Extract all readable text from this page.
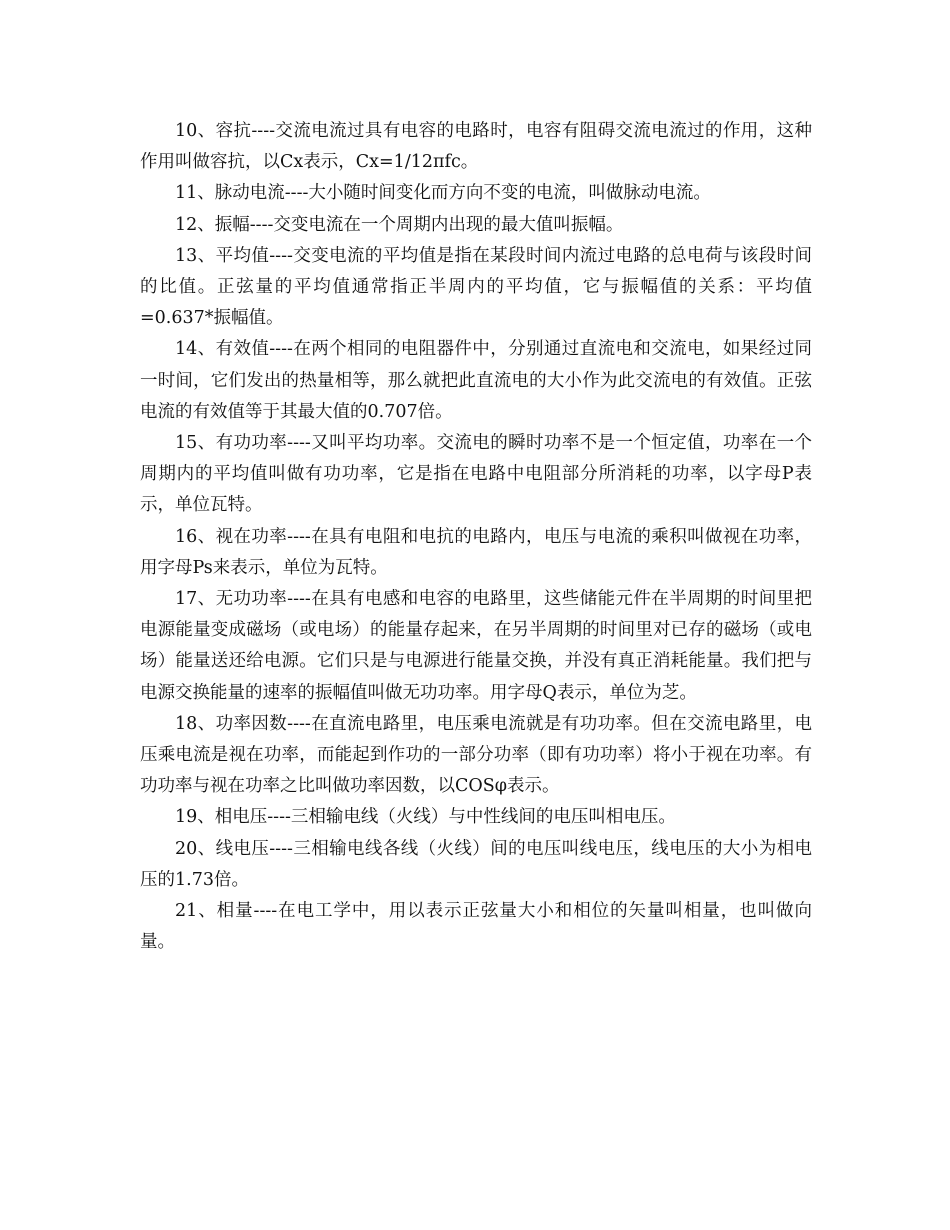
10、容抗----交流电流过具有电容的电路时，电容有阻碍交流电流过的作用，这种作用叫做容抗，以Cx表示，Cx=1/12πfc。

11、脉动电流----大小随时间变化而方向不变的电流，叫做脉动电流。

12、振幅----交变电流在一个周期内出现的最大值叫振幅。

13、平均值----交变电流的平均值是指在某段时间内流过电路的总电荷与该段时间的比值。正弦量的平均值通常指正半周内的平均值，它与振幅值的关系：平均值=0.637*振幅值。

14、有效值----在两个相同的电阻器件中，分别通过直流电和交流电，如果经过同一时间，它们发出的热量相等，那么就把此直流电的大小作为此交流电的有效值。正弦电流的有效值等于其最大值的0.707倍。

15、有功功率----又叫平均功率。交流电的瞬时功率不是一个恒定值，功率在一个周期内的平均值叫做有功功率，它是指在电路中电阻部分所消耗的功率，以字母P表示，单位瓦特。

16、视在功率----在具有电阻和电抗的电路内，电压与电流的乘积叫做视在功率，用字母Ps来表示，单位为瓦特。

17、无功功率----在具有电感和电容的电路里，这些储能元件在半周期的时间里把电源能量变成磁场（或电场）的能量存起来，在另半周期的时间里对已存的磁场（或电场）能量送还给电源。它们只是与电源进行能量交换，并没有真正消耗能量。我们把与电源交换能量的速率的振幅值叫做无功功率。用字母Q表示，单位为芝。

18、功率因数----在直流电路里，电压乘电流就是有功功率。但在交流电路里，电压乘电流是视在功率，而能起到作功的一部分功率（即有功功率）将小于视在功率。有功功率与视在功率之比叫做功率因数，以COSφ表示。

19、相电压----三相输电线（火线）与中性线间的电压叫相电压。

20、线电压----三相输电线各线（火线）间的电压叫线电压，线电压的大小为相电压的1.73倍。

21、相量----在电工学中，用以表示正弦量大小和相位的矢量叫相量，也叫做向量。
